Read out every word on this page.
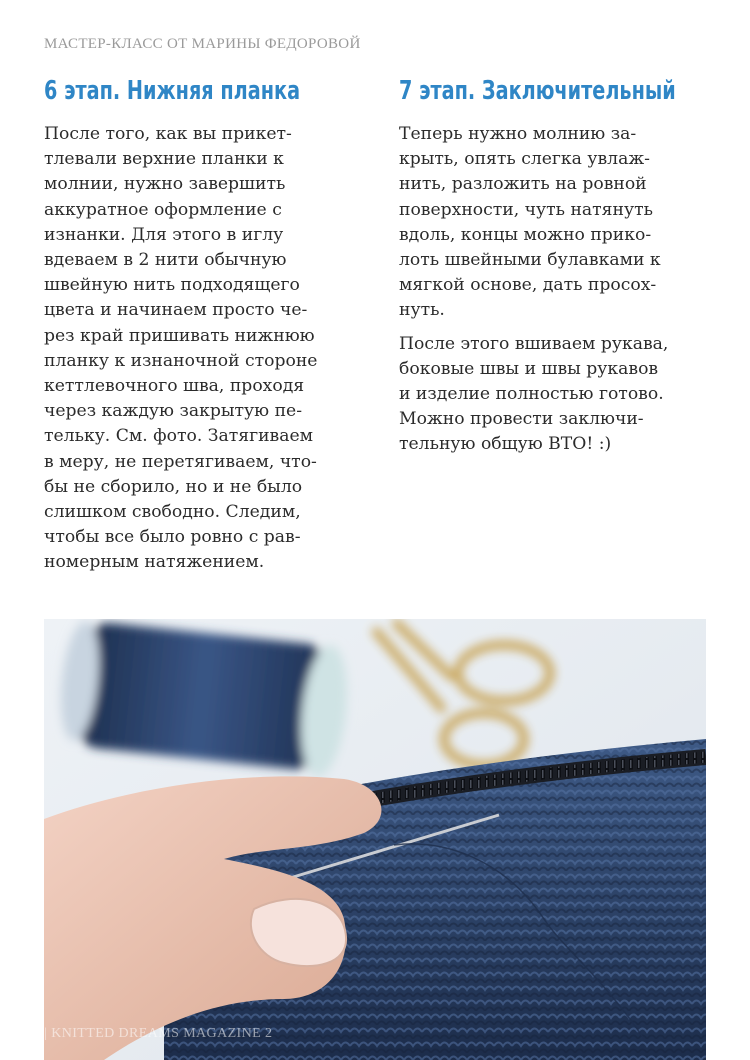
МАСТЕР-КЛАСС ОТ МАРИНЫ ФЕДОРОВОЙ
6 этап. Нижняя планка
После того, как вы прикет-
тлевали верхние планки к
молнии, нужно завершить
аккуратное оформление с
изнанки. Для этого в иглу
вдеваем в 2 нити обычную
швейную нить подходящего
цвета и начинаем просто че-
рез край пришивать нижнюю
планку к изнаночной стороне
кеттлевочного шва, проходя
через каждую закрытую пе-
тельку. См. фото. Затягиваем
в меру, не перетягиваем, что-
бы не сборило, но и не было
слишком свободно. Следим,
чтобы все было ровно с рав-
номерным натяжением.
7 этап. Заключительный
Теперь нужно молнию за-
крыть, опять слегка увлаж-
нить, разложить на ровной
поверхности, чуть натянуть
вдоль, концы можно прико-
лоть швейными булавками к
мягкой основе, дать просох-
нуть.
После этого вшиваем рукава,
боковые швы и швы рукавов
и изделие полностью готово.
Можно провести заключи-
тельную общую ВТО! :)
134 | KNITTED DREAMS MAGAZINE 2
